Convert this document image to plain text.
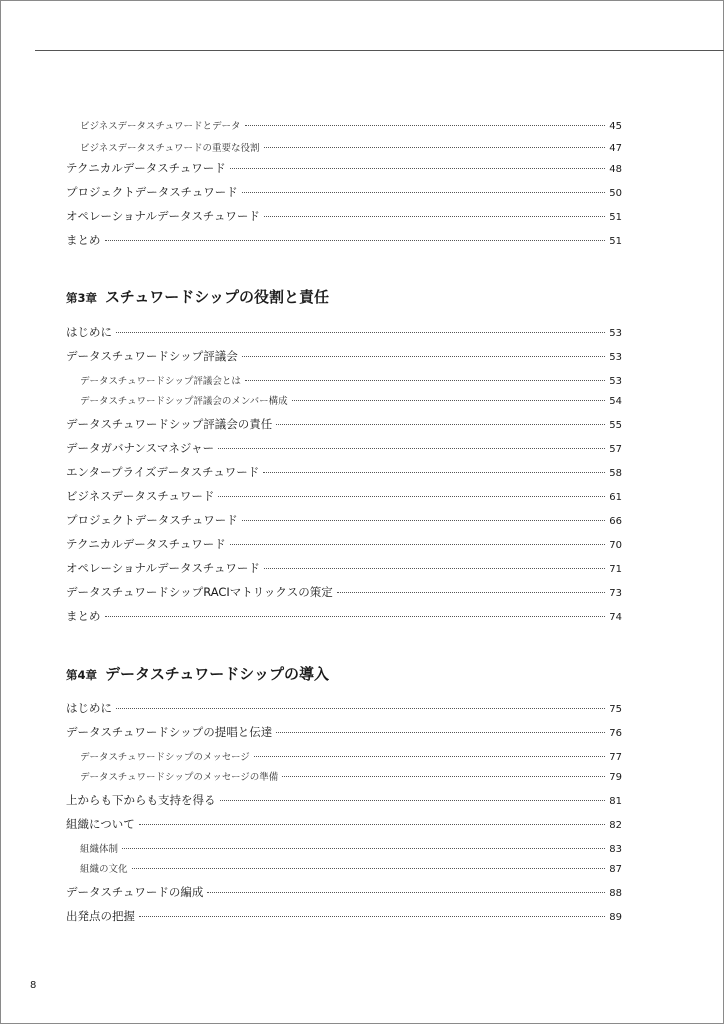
ビジネスデータスチュワードとデータ	45
ビジネスデータスチュワードの重要な役割	47
テクニカルデータスチュワード	48
プロジェクトデータスチュワード	50
オペレーショナルデータスチュワード	51
まとめ	51
第3章 スチュワードシップの役割と責任
はじめに	53
データスチュワードシップ評議会	53
データスチュワードシップ評議会とは	53
データスチュワードシップ評議会のメンバー構成	54
データスチュワードシップ評議会の責任	55
データガバナンスマネジャー	57
エンタープライズデータスチュワード	58
ビジネスデータスチュワード	61
プロジェクトデータスチュワード	66
テクニカルデータスチュワード	70
オペレーショナルデータスチュワード	71
データスチュワードシップRACIマトリックスの策定	73
まとめ	74
第4章 データスチュワードシップの導入
はじめに	75
データスチュワードシップの提唱と伝達	76
データスチュワードシップのメッセージ	77
データスチュワードシップのメッセージの準備	79
上からも下からも支持を得る	81
組織について	82
組織体制	83
組織の文化	87
データスチュワードの編成	88
出発点の把握	89
8
